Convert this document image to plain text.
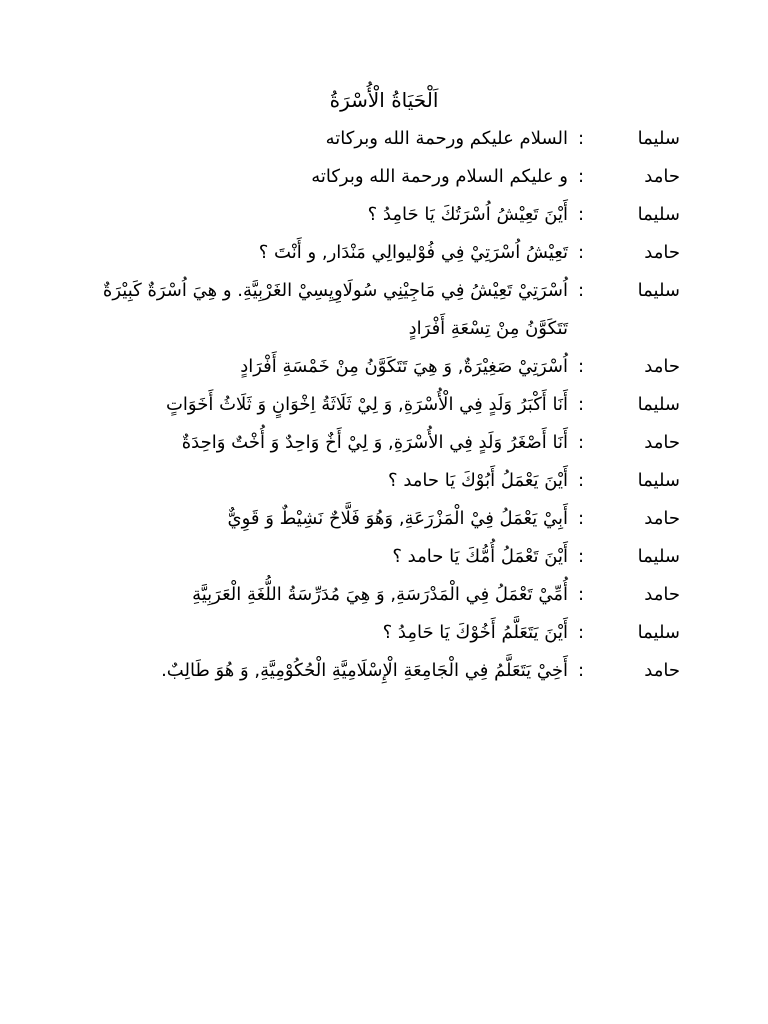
اَلْحَيَاةُ الْأُسْرَةُ
سليما
:
السلام عليكم ورحمة الله وبركاته
حامد
:
و عليكم السلام ورحمة الله وبركاته
سليما
:
أَيْنَ تَعِيْشُ اُسْرَتُكَ يَا حَامِدُ ؟
حامد
:
تَعِيْشُ اُسْرَتِيْ فِي فُوْليوالِي مَنْدَار, و أَنْتَ ؟
سليما
:
اُسْرَتِيْ تَعِيْشُ فِي مَاجِيْنِي سُولَاوِيِسِيْ الغَرْبِيَّةِ. و هِيَ اُسْرَةٌ كَبِيْرَةٌ تَتَكَوَّنُ مِنْ تِسْعَةِ أَفْرَادٍ
حامد
:
اُسْرَتِيْ صَغِيْرَةٌ, وَ هِيَ تَتَكَوَّنُ مِنْ خَمْسَةِ أَفْرَادٍ
سليما
:
أَنَا أَكْبَرُ وَلَدٍ فِي الْأُسْرَةِ, وَ لِيْ ثَلَاثَةُ اِخْوَانٍ وَ ثَلَاثُ أَخَوَاتٍ
حامد
:
أَنَا أَصْغَرُ وَلَدٍ فِي الأُسْرَةِ, وَ لِيْ أَخٌ وَاحِدٌ وَ أُخْتٌ وَاحِدَةٌ
سليما
:
أَيْنَ يَعْمَلُ أَبُوْكَ يَا حامد ؟
حامد
:
أَبِيْ يَعْمَلُ فِيْ الْمَزْرَعَةِ, وَهُوَ فَلَّاحٌ نَشِيْطٌ وَ قَوِيٌّ
سليما
:
أَيْنَ تَعْمَلُ أُمُّكَ يَا حامد ؟
حامد
:
أُمِّيْ تَعْمَلُ فِي الْمَدْرَسَةِ, وَ هِيَ مُدَرِّسَةُ اللُّغَةِ الْعَرَبِيَّةِ
سليما
:
أَيْنَ يَتَعَلَّمُ أَخُوْكَ يَا حَامِدُ ؟
حامد
:
أَخِيْ يَتَعَلَّمُ فِي الْجَامِعَةِ الْإِسْلَامِيَّةِ الْحُكُوْمِيَّةِ, وَ هُوَ طَالِبٌ.
